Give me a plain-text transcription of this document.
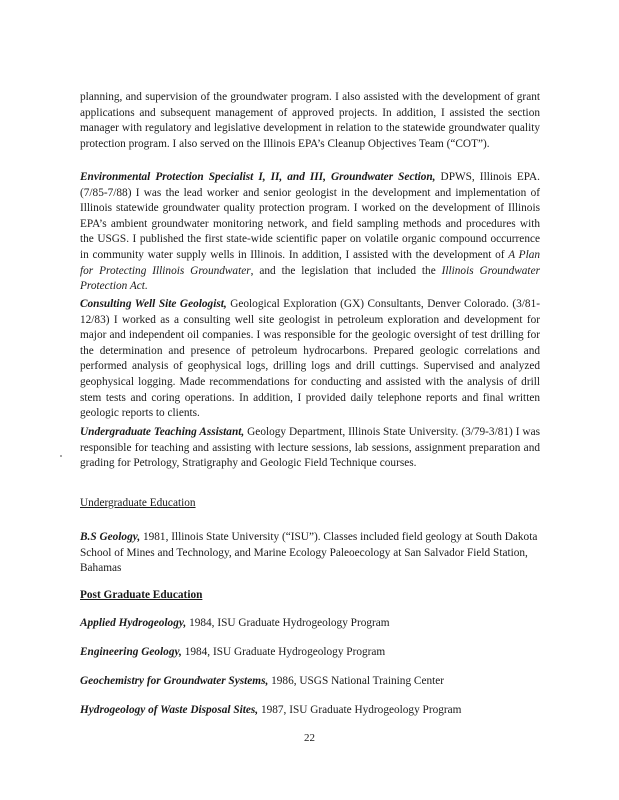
planning, and supervision of the groundwater program. I also assisted with the development of grant applications and subsequent management of approved projects. In addition, I assisted the section manager with regulatory and legislative development in relation to the statewide groundwater quality protection program. I also served on the Illinois EPA’s Cleanup Objectives Team (“COT”).

Environmental Protection Specialist I, II, and III, Groundwater Section, DPWS, Illinois EPA. (7/85-7/88) I was the lead worker and senior geologist in the development and implementation of Illinois statewide groundwater quality protection program. I worked on the development of Illinois EPA’s ambient groundwater monitoring network, and field sampling methods and procedures with the USGS. I published the first state-wide scientific paper on volatile organic compound occurrence in community water supply wells in Illinois. In addition, I assisted with the development of A Plan for Protecting Illinois Groundwater, and the legislation that included the Illinois Groundwater Protection Act.

Consulting Well Site Geologist, Geological Exploration (GX) Consultants, Denver Colorado. (3/81-12/83) I worked as a consulting well site geologist in petroleum exploration and development for major and independent oil companies. I was responsible for the geologic oversight of test drilling for the determination and presence of petroleum hydrocarbons. Prepared geologic correlations and performed analysis of geophysical logs, drilling logs and drill cuttings. Supervised and analyzed geophysical logging. Made recommendations for conducting and assisted with the analysis of drill stem tests and coring operations. In addition, I provided daily telephone reports and final written geologic reports to clients.

Undergraduate Teaching Assistant, Geology Department, Illinois State University. (3/79-3/81) I was responsible for teaching and assisting with lecture sessions, lab sessions, assignment preparation and grading for Petrology, Stratigraphy and Geologic Field Technique courses.

Undergraduate Education

B.S Geology, 1981, Illinois State University (“ISU”). Classes included field geology at South Dakota School of Mines and Technology, and Marine Ecology Paleoecology at San Salvador Field Station, Bahamas

Post Graduate Education

Applied Hydrogeology, 1984, ISU Graduate Hydrogeology Program

Engineering Geology, 1984, ISU Graduate Hydrogeology Program

Geochemistry for Groundwater Systems, 1986, USGS National Training Center

Hydrogeology of Waste Disposal Sites, 1987, ISU Graduate Hydrogeology Program

22
